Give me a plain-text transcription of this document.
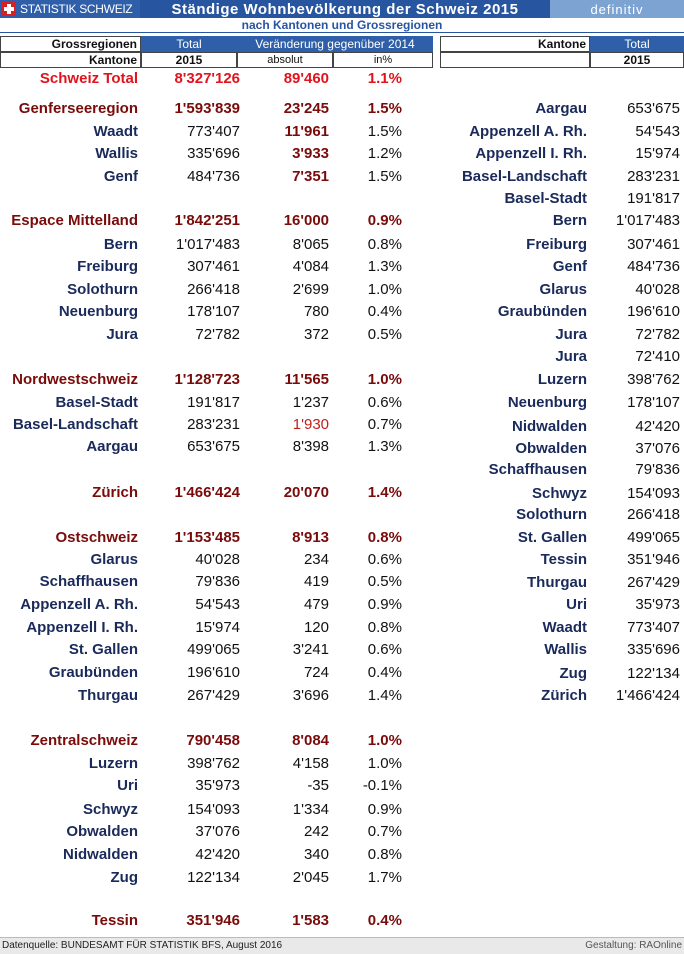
STATISTIK SCHWEIZ	Ständige Wohnbevölkerung der Schweiz 2015	definitiv
nach Kantonen und Grossregionen
Grossregionen
Kantone
Total
2015
Veränderung gegenüber 2014
absolut	in%
Kantone	Total
2015
Schweiz Total 8'327'126	89'460	1.1%
Genferseeregion 1'593'839	23'245	1.5%
Waadt	773'407	11'961	1.5%
Wallis	335'696	3'933	1.2%
Genf	484'736	7'351	1.5%
Espace Mittelland 1'842'251	16'000	0.9%
Bern	1'017'483	8'065	0.8%
Freiburg	307'461	4'084	1.3%
Solothurn	266'418	2'699	1.0%
Neuenburg	178'107	780	0.4%
Jura	72'782	372	0.5%
Nordwestschweiz 1'128'723	11'565	1.0%
Basel-Stadt	191'817	1'237	0.6%
Basel-Landschaft	283'231	1'930	0.7%
Aargau	653'675	8'398	1.3%
Zürich 1'466'424	20'070	1.4%
Ostschweiz 1'153'485	8'913	0.8%
Glarus	40'028	234	0.6%
Schaffhausen	79'836	419	0.5%
Appenzell A. Rh.	54'543	479	0.9%
Appenzell I. Rh.	15'974	120	0.8%
St. Gallen	499'065	3'241	0.6%
Graubünden	196'610	724	0.4%
Thurgau	267'429	3'696	1.4%
Zentralschweiz	790'458	8'084	1.0%
Luzern	398'762	4'158	1.0%
Uri	35'973	-35 -0.1%
Schwyz	154'093	1'334	0.9%
Obwalden	37'076	242	0.7%
Nidwalden	42'420	340	0.8%
Zug	122'134	2'045	1.7%
Tessin	351'946	1'583	0.4%
Aargau	653'675
Appenzell A. Rh.	54'543
Appenzell I. Rh.	15'974
Basel-Landschaft	283'231
Basel-Stadt	191'817
Bern 1'017'483
Freiburg	307'461
Genf	484'736
Glarus	40'028
Graubünden	196'610
Jura	72'782
Jura	72'410
Luzern	398'762
Neuenburg	178'107
Nidwalden	42'420
Obwalden	37'076
Schaffhausen	79'836
Schwyz	154'093
Solothurn	266'418
St. Gallen	499'065
Tessin	351'946
Thurgau	267'429
Uri	35'973
Waadt	773'407
Wallis	335'696
Zug	122'134
Zürich 1'466'424
Datenquelle: BUNDESAMT FÜR STATISTIK BFS, August 2016	Gestaltung: RAOnline
